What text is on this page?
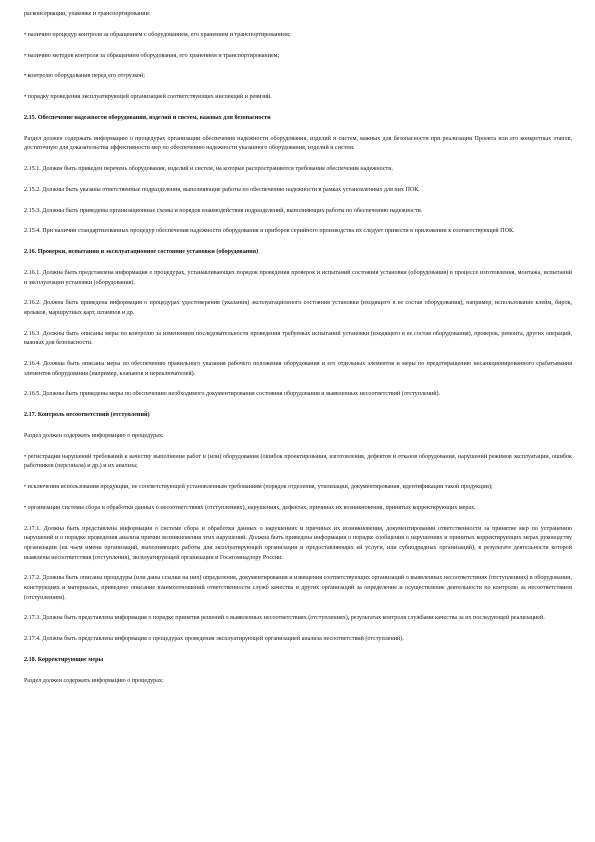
расконсервации, упаковке и транспортировании:

• наличию процедур контроля за обращением с оборудованием, его хранением и транспортированием;

• наличию методов контроля за обращением оборудования, его хранением и транспортированием;

• контролю оборудования перед его отгрузкой;

• порядку проведения эксплуатирующей организацией соответствующих инспекций и ревизий.

2.15. Обеспечение надежности оборудования, изделий и систем, важных для безопасности

Раздел должен содержать информацию о процедурах организации обеспечения надежности оборудования, изделий и систем, важных для безопасности при реализации Проекта или его конкретных этапов, достаточную для доказательства эффективности мер по обеспечению надежности указанного оборудования, изделий и систем.

2.15.1. Должен быть приведен перечень оборудования, изделий и систем, на которые распространяются требования обеспечения надежности.

2.15.2. Должны быть указаны ответственные подразделения, выполняющие работы по обеспечению надежности в рамках установленных для них ПОК.

2.15.3. Должны быть приведены организационные схемы и порядок взаимодействия подразделений, выполняющих работы по обеспечению надежности.

2.15.4. При наличии стандартизованных процедур обеспечения надежности оборудования и приборов серийного производства их следует привести в приложении к соответствующей ПОК.

2.16. Проверки, испытания и эксплуатационное состояние установки (оборудования)

2.16.1. Должна быть представлена информация о процедурах, устанавливающих порядок проведения проверок и испытаний состояния установки (оборудования) в процессе изготовления, монтажа, испытаний и эксплуатации установки (оборудования).

2.16.2. Должна быть приведена информация о процедурах удостоверения (указания) эксплуатационного состояния установки (входящего в ее состав оборудования), например, использование клейм, бирок, ярлыков, маршрутных карт, штампов и др.

2.16.3. Должны быть описаны меры по контролю за изменением последовательности проведения требуемых испытаний установки (входящего в ее состав оборудования), проверок, ремонта, других операций, важных для безопасности.

2.16.4. Должны быть описаны меры по обеспечению правильного указания рабочего положения оборудования и его отдельных элементов и меры по предотвращению несанкционированного срабатывания элементов оборудования (например, клапанов и переключателей).

2.16.5. Должны быть приведены меры по обеспечению необходимого документирования состояния оборудования и выявленных несоответствий (отступлений).

2.17. Контроль несоответствий (отступлений)

Раздел должен содержать информацию о процедурах:

• регистрации нарушений требований к качеству выполнения работ и (или) оборудования (ошибок проектирования, изготовления, дефектов и отказов оборудования, нарушений режимов эксплуатации, ошибок работников (персонала) и др.) и их анализа;

• исключения использования продукции, не соответствующей установленным требованиям (порядок отделения, утилизации, документирования, идентификации такой продукции);

• организации системы сбора и обработки данных о несоответствиях (отступлениях), нарушениях, дефектах, причинах их возникновения, принятых корректирующих мерах.

2.17.1. Должна быть представлена информация о системе сбора и обработки данных о нарушениях и причинах их возникновения, документировании ответственности за принятие мер по устранению нарушений и о порядке проведения анализа причин возникновения этих нарушений. Должна быть приведена информация о порядке сообщения о нарушениях и принятых корректирующих мерах руководству организации (на чьем имени организаций, выполняющих работы для эксплуатирующей организации и предоставляющих ей услуги, или субподрядных организаций), в результате деятельности которой выявлены несоответствия (отступления), эксплуатирующей организации и Госатомнадзору России.

2.17.2. Должны быть описаны процедуры (или даны ссылки на них) определения, документирования и извещения соответствующих организаций о выявленных несоответствиях (отступлениях) в оборудовании, конструкциях и материалах, приведено описание взаимоотношений ответственности служб качества и других организаций за определение и осуществление деятельности по контролю за несоответствием (отступлением).

2.17.3. Должна быть представлена информация о порядке принятия решений о выявленных несоответствиях (отступлениях), результатах контроля службами качества за их последующей реализацией.

2.17.4. Должна быть представлена информация о процедурах проведения эксплуатирующей организацией анализа несоответствий (отступлений).

2.18. Корректирующие меры

Раздел должен содержать информацию о процедурах:
